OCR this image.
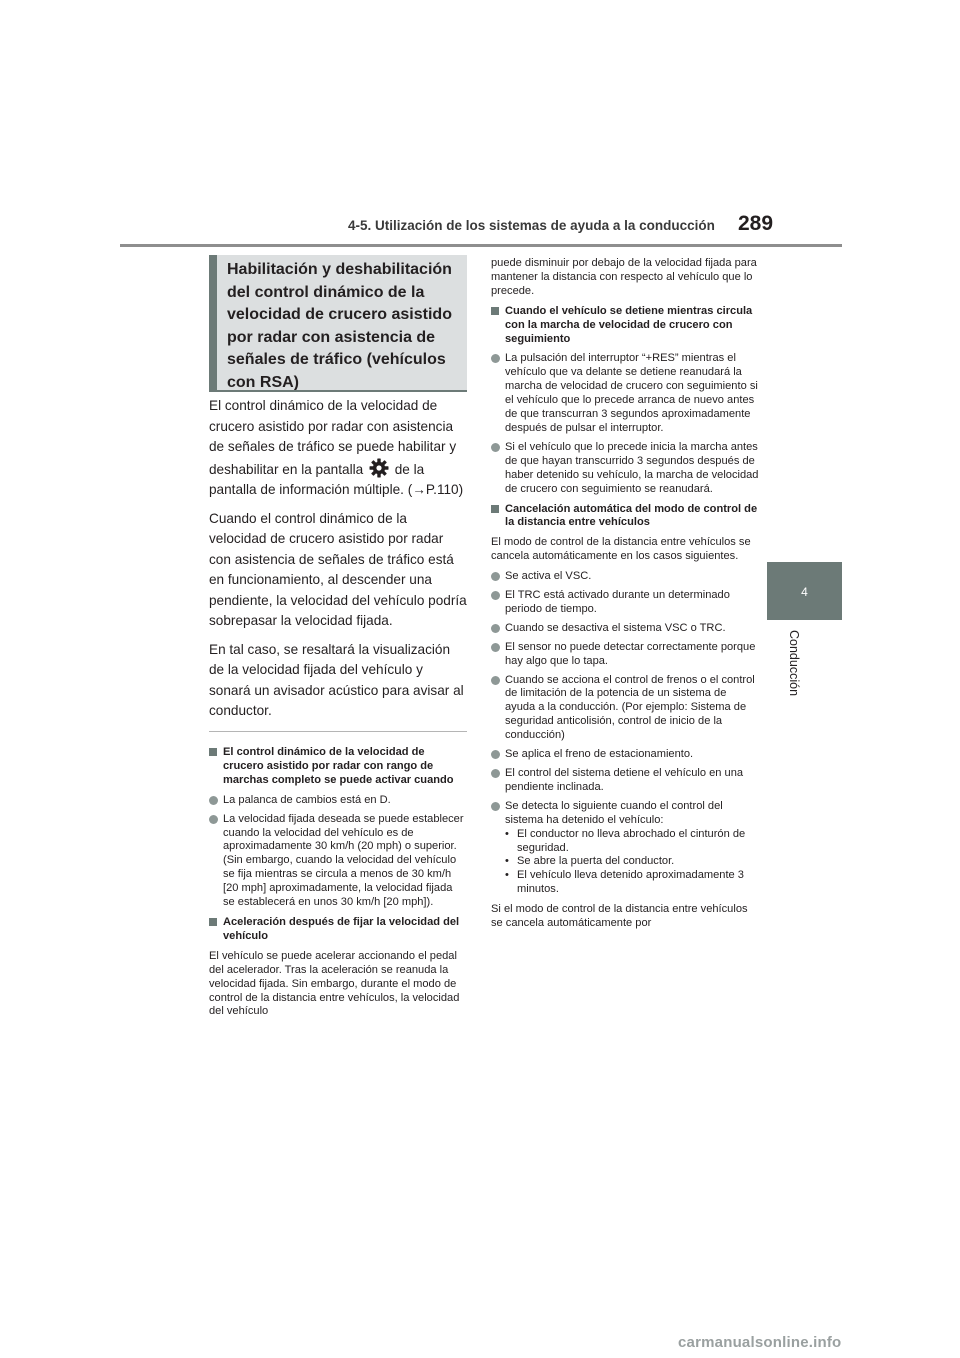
4-5. Utilización de los sistemas de ayuda a la conducción 289
4
Conducción
Habilitación y deshabilitación del control dinámico de la velocidad de crucero asistido por radar con asistencia de señales de tráfico (vehículos con RSA)

El control dinámico de la velocidad de crucero asistido por radar con asistencia de señales de tráfico se puede habilitar y deshabilitar en la pantalla de la pantalla de información múltiple. (→P.110)

Cuando el control dinámico de la velocidad de crucero asistido por radar con asistencia de señales de tráfico está en funcionamiento, al descender una pendiente, la velocidad del vehículo podría sobrepasar la velocidad fijada.

En tal caso, se resaltará la visualización de la velocidad fijada del vehículo y sonará un avisador acústico para avisar al conductor.

El control dinámico de la velocidad de crucero asistido por radar con rango de marchas completo se puede activar cuando

La palanca de cambios está en D.

La velocidad fijada deseada se puede establecer cuando la velocidad del vehículo es de aproximadamente 30 km/h (20 mph) o superior. (Sin embargo, cuando la velocidad del vehículo se fija mientras se circula a menos de 30 km/h [20 mph] aproximadamente, la velocidad fijada se establecerá en unos 30 km/h [20 mph]).

Aceleración después de fijar la velocidad del vehículo

El vehículo se puede acelerar accionando el pedal del acelerador. Tras la aceleración se reanuda la velocidad fijada. Sin embargo, durante el modo de control de la distancia entre vehículos, la velocidad del vehículo

puede disminuir por debajo de la velocidad fijada para mantener la distancia con respecto al vehículo que lo precede.

Cuando el vehículo se detiene mientras circula con la marcha de velocidad de crucero con seguimiento

La pulsación del interruptor “+RES” mientras el vehículo que va delante se detiene reanudará la marcha de velocidad de crucero con seguimiento si el vehículo que lo precede arranca de nuevo antes de que transcurran 3 segundos aproximadamente después de pulsar el interruptor.

Si el vehículo que lo precede inicia la marcha antes de que hayan transcurrido 3 segundos después de haber detenido su vehículo, la marcha de velocidad de crucero con seguimiento se reanudará.

Cancelación automática del modo de control de la distancia entre vehículos

El modo de control de la distancia entre vehículos se cancela automáticamente en los casos siguientes.

Se activa el VSC.

El TRC está activado durante un determinado periodo de tiempo.

Cuando se desactiva el sistema VSC o TRC.

El sensor no puede detectar correctamente porque hay algo que lo tapa.

Cuando se acciona el control de frenos o el control de limitación de la potencia de un sistema de ayuda a la conducción. (Por ejemplo: Sistema de seguridad anticolisión, control de inicio de la conducción)

Se aplica el freno de estacionamiento.

El control del sistema detiene el vehículo en una pendiente inclinada.

Se detecta lo siguiente cuando el control del sistema ha detenido el vehículo:

• El conductor no lleva abrochado el cinturón de seguridad.

• Se abre la puerta del conductor.

• El vehículo lleva detenido aproximadamente 3 minutos.

Si el modo de control de la distancia entre vehículos se cancela automáticamente por

carmanualsonline.info
